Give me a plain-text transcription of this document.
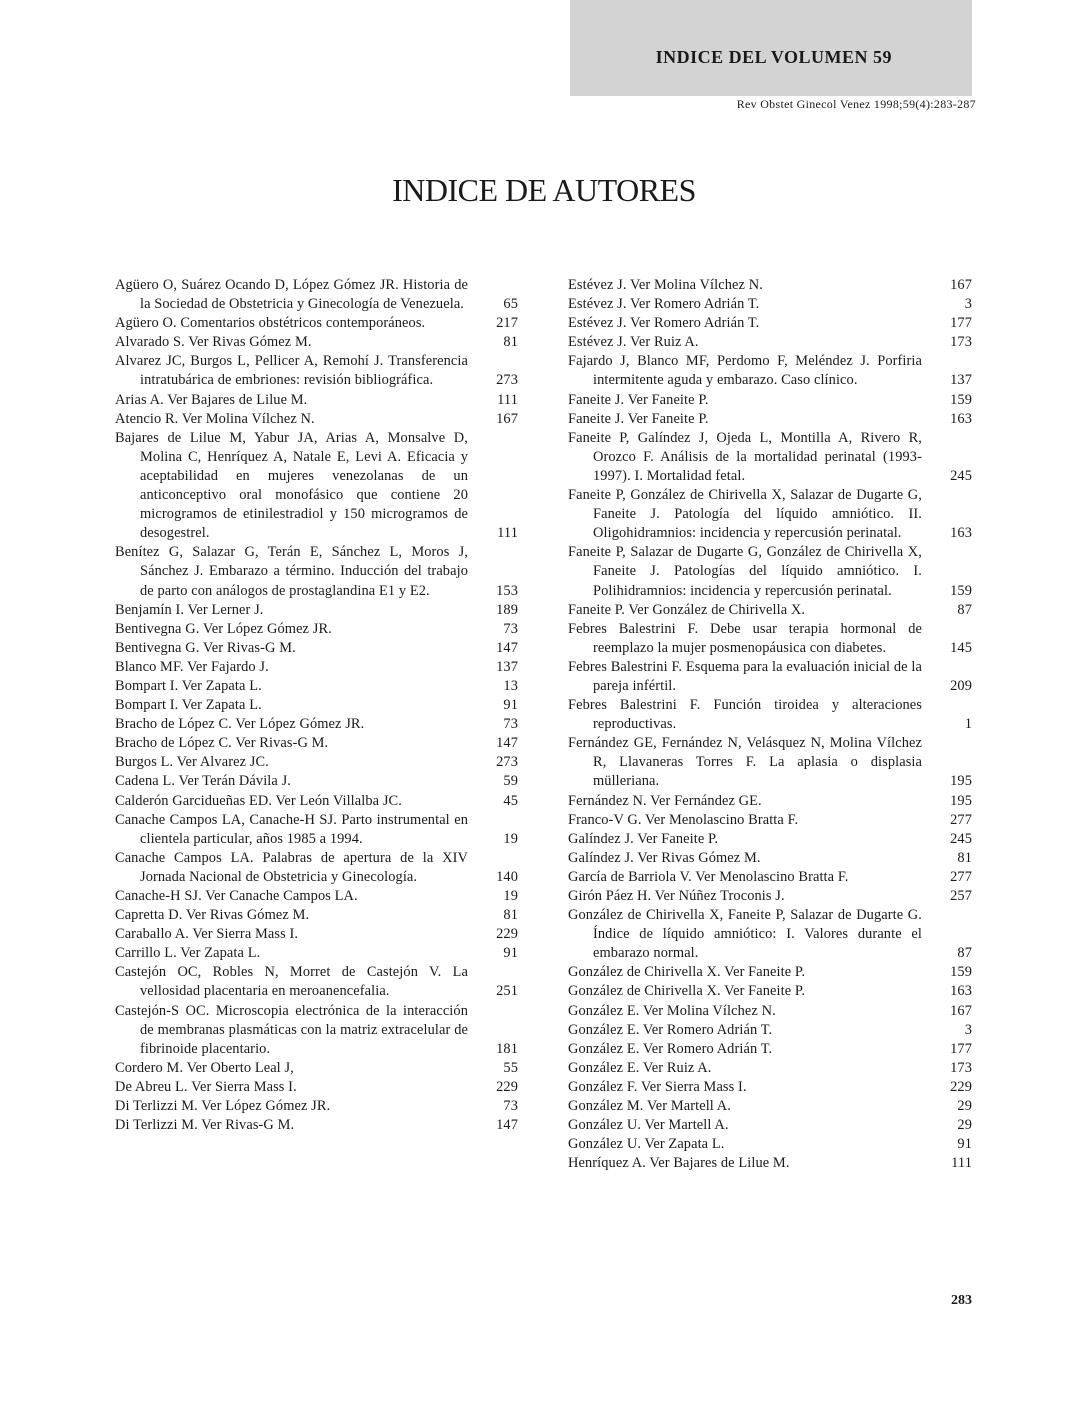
INDICE DEL VOLUMEN 59
Rev Obstet Ginecol Venez 1998;59(4):283-287
INDICE DE AUTORES
Agüero O, Suárez Ocando D, López Gómez JR. Historia de la Sociedad de Obstetricia y Ginecología de Venezuela.	65
Agüero O. Comentarios obstétricos contemporáneos.	217
Alvarado S. Ver Rivas Gómez M.	81
Alvarez JC, Burgos L, Pellicer A, Remohí J. Transferencia intratubárica de embriones: revisión bibliográfica.	273
Arias A. Ver Bajares de Lilue M.	111
Atencio R. Ver Molina Vílchez N.	167
Bajares de Lilue M, Yabur JA, Arias A, Monsalve D, Molina C, Henríquez A, Natale E, Levi A. Eficacia y aceptabilidad en mujeres venezolanas de un anticonceptivo oral monofásico que contiene 20 microgramos de etinilestradiol y 150 microgramos de desogestrel.	111
Benítez G, Salazar G, Terán E, Sánchez L, Moros J, Sánchez J. Embarazo a término. Inducción del trabajo de parto con análogos de prostaglandina E1 y E2.	153
Benjamín I. Ver Lerner J.	189
Bentivegna G. Ver López Gómez JR.	73
Bentivegna G. Ver Rivas-G M.	147
Blanco MF. Ver Fajardo J.	137
Bompart I. Ver Zapata L.	13
Bompart I. Ver Zapata L.	91
Bracho de López C. Ver López Gómez JR.	73
Bracho de López C. Ver Rivas-G M.	147
Burgos L. Ver Alvarez JC.	273
Cadena L. Ver Terán Dávila J.	59
Calderón Garcidueñas ED. Ver León Villalba JC.	45
Canache Campos LA, Canache-H SJ. Parto instrumental en clientela particular, años 1985 a 1994.	19
Canache Campos LA. Palabras de apertura de la XIV Jornada Nacional de Obstetricia y Ginecología.	140
Canache-H SJ. Ver Canache Campos LA.	19
Capretta D. Ver Rivas Gómez M.	81
Caraballo A. Ver Sierra Mass I.	229
Carrillo L. Ver Zapata L.	91
Castejón OC, Robles N, Morret de Castejón V. La vellosidad placentaria en meroanencefalia.	251
Castejón-S OC. Microscopia electrónica de la interacción de membranas plasmáticas con la matriz extracelular de fibrinoide placentario.	181
Cordero M. Ver Oberto Leal J,	55
De Abreu L. Ver Sierra Mass I.	229
Di Terlizzi M. Ver López Gómez JR.	73
Di Terlizzi M. Ver Rivas-G M.	147
Estévez J. Ver Molina Vílchez N.	167
Estévez J. Ver Romero Adrián T.	3
Estévez J. Ver Romero Adrián T.	177
Estévez J. Ver Ruiz A.	173
Fajardo J, Blanco MF, Perdomo F, Meléndez J. Porfiria intermitente aguda y embarazo. Caso clínico.	137
Faneite J. Ver Faneite P.	159
Faneite J. Ver Faneite P.	163
Faneite P, Galíndez J, Ojeda L, Montilla A, Rivero R, Orozco F. Análisis de la mortalidad perinatal (1993-1997). I. Mortalidad fetal.	245
Faneite P, González de Chirivella X, Salazar de Dugarte G, Faneite J. Patología del líquido amniótico. II. Oligohidramnios: incidencia y repercusión perinatal.	163
Faneite P, Salazar de Dugarte G, González de Chirivella X, Faneite J. Patologías del líquido amniótico. I. Polihidramnios: incidencia y repercusión perinatal.	159
Faneite P. Ver González de Chirivella X.	87
Febres Balestrini F. Debe usar terapia hormonal de reemplazo la mujer posmenopáusica con diabetes.	145
Febres Balestrini F. Esquema para la evaluación inicial de la pareja infértil.	209
Febres Balestrini F. Función tiroidea y alteraciones reproductivas.	1
Fernández GE, Fernández N, Velásquez N, Molina Vílchez R, Llavaneras Torres F. La aplasia o displasia mülleriana.	195
Fernández N. Ver Fernández GE.	195
Franco-V G. Ver Menolascino Bratta F.	277
Galíndez J. Ver Faneite P.	245
Galíndez J. Ver Rivas Gómez M.	81
García de Barriola V. Ver Menolascino Bratta F.	277
Girón Páez H. Ver Núñez Troconis J.	257
González de Chirivella X, Faneite P, Salazar de Dugarte G. Índice de líquido amniótico: I. Valores durante el embarazo normal.	87
González de Chirivella X. Ver Faneite P.	159
González de Chirivella X. Ver Faneite P.	163
González E. Ver Molina Vílchez N.	167
González E. Ver Romero Adrián T.	3
González E. Ver Romero Adrián T.	177
González E. Ver Ruiz A.	173
González F. Ver Sierra Mass I.	229
González M. Ver Martell A.	29
González U. Ver Martell A.	29
González U. Ver Zapata L.	91
Henríquez A. Ver Bajares de Lilue M.	111
283
